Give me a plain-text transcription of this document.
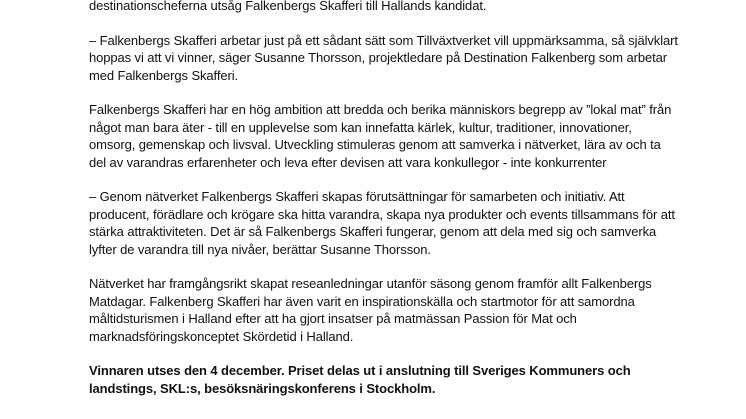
destinationscheferna utsåg Falkenbergs Skafferi till Hallands kandidat.

– Falkenbergs Skafferi arbetar just på ett sådant sätt som Tillväxtverket vill uppmärksamma, så självklart hoppas vi att vi vinner, säger Susanne Thorsson, projektledare på Destination Falkenberg som arbetar med Falkenbergs Skafferi.

Falkenbergs Skafferi har en hög ambition att bredda och berika människors begrepp av ”lokal mat” från något man bara äter - till en upplevelse som kan innefatta kärlek, kultur, traditioner, innovationer, omsorg, gemenskap och livsval. Utveckling stimuleras genom att samverka i nätverket, lära av och ta del av varandras erfarenheter och leva efter devisen att vara konkullegor - inte konkurrenter

– Genom nätverket Falkenbergs Skafferi skapas förutsättningar för samarbeten och initiativ. Att producent, förädlare och krögare ska hitta varandra, skapa nya produkter och events tillsammans för att stärka attraktiviteten. Det är så Falkenbergs Skafferi fungerar, genom att dela med sig och samverka lyfter de varandra till nya nivåer, berättar Susanne Thorsson.

Nätverket har framgångsrikt skapat reseanledningar utanför säsong genom framför allt Falkenbergs Matdagar. Falkenberg Skafferi har även varit en inspirationskälla och startmotor för att samordna måltidsturismen i Halland efter att ha gjort insatser på matmässan Passion för Mat och marknadsföringskonceptet Skördetid i Halland.

Vinnaren utses den 4 december. Priset delas ut i anslutning till Sveriges Kommuners och landstings, SKL:s, besöksnäringskonferens i Stockholm.
